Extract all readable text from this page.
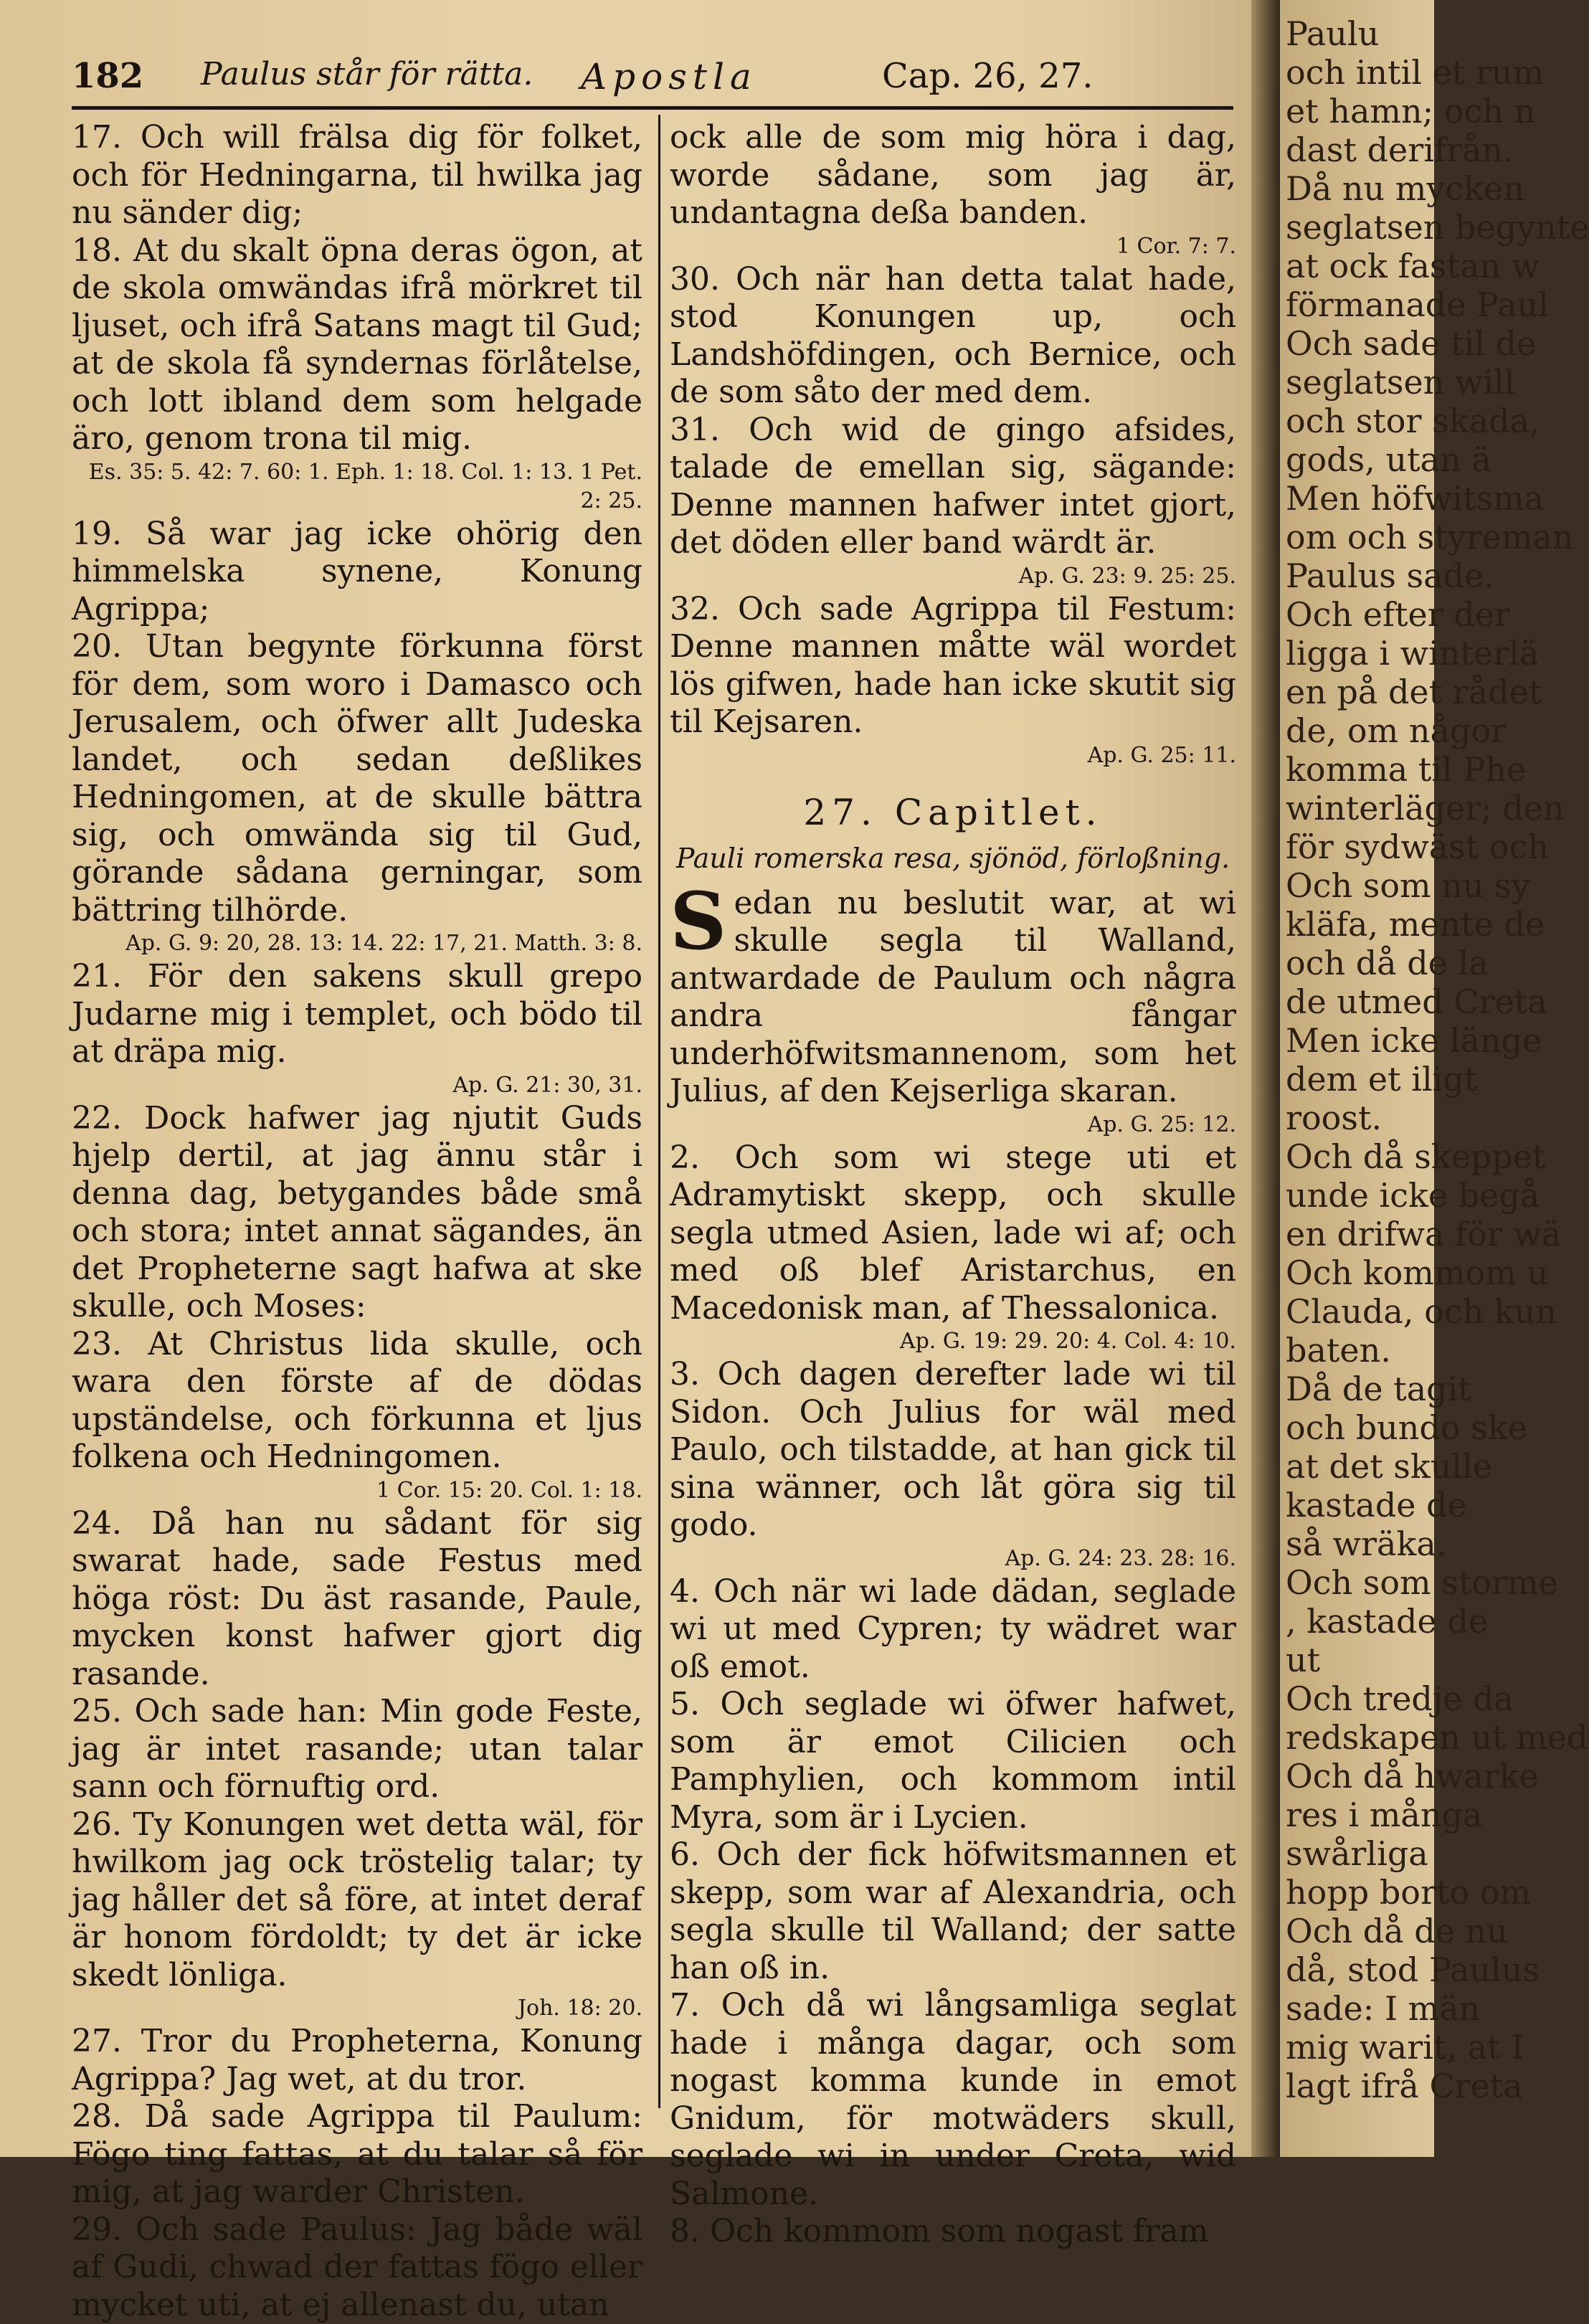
182 Paulus står för rätta. Apostla	Cap. 26, 27.

17. Och will frälsa dig för folket, och för Hedningarna, til hwilka jag nu sänder dig;

18. At du skalt öpna deras ögon, at de skola omwändas ifrå mörkret til ljuset, och ifrå Satans magt til Gud; at de skola få syndernas förlåtelse, och lott ibland dem som helgade äro, genom trona til mig.

Es. 35: 5. 42: 7. 60: 1. Eph. 1: 18. Col. 1: 13. 1 Pet. 2: 25.

19. Så war jag icke ohörig den himmelska synene, Konung Agrippa;

20. Utan begynte förkunna först för dem, som woro i Damasco och Jerusalem, och öfwer allt Judeska landet, och sedan deßlikes Hedningomen, at de skulle bättra sig, och omwända sig til Gud, görande sådana gerningar, som bättring tilhörde.

Ap. G. 9: 20, 28. 13: 14. 22: 17, 21. Matth. 3: 8.

21. För den sakens skull grepo Judarne mig i templet, och bödo til at dräpa mig.

Ap. G. 21: 30, 31.

22. Dock hafwer jag njutit Guds hjelp dertil, at jag ännu står i denna dag, betygandes både små och stora; intet annat sägandes, än det Propheterne sagt hafwa at ske skulle, och Moses:

23. At Christus lida skulle, och wara den förste af de dödas upständelse, och förkunna et ljus folkena och Hedningomen.

1 Cor. 15: 20. Col. 1: 18.

24. Då han nu sådant för sig swarat hade, sade Festus med höga röst: Du äst rasande, Paule, mycken konst hafwer gjort dig rasande.

25. Och sade han: Min gode Feste, jag är intet rasande; utan talar sann och förnuftig ord.

26. Ty Konungen wet detta wäl, för hwilkom jag ock tröstelig talar; ty jag håller det så före, at intet deraf är honom fördoldt; ty det är icke skedt lönliga.

Joh. 18: 20.

27. Tror du Propheterna, Konung Agrippa? Jag wet, at du tror.

28. Då sade Agrippa til Paulum: Fögo ting fattas, at du talar så för mig, at jag warder Christen.

29. Och sade Paulus: Jag både wäl af Gudi, chwad der fattas fögo eller mycket uti, at ej allenast du, utan

ock alle de som mig höra i dag, worde sådane, som jag är, undantagna deßa banden.

1 Cor. 7: 7.

30. Och när han detta talat hade, stod Konungen up, och Landshöfdingen, och Bernice, och de som såto der med dem.

31. Och wid de gingo afsides, talade de emellan sig, sägande: Denne mannen hafwer intet gjort, det döden eller band wärdt är.

Ap. G. 23: 9. 25: 25.

32. Och sade Agrippa til Festum: Denne mannen måtte wäl wordet lös gifwen, hade han icke skutit sig til Kejsaren.

Ap. G. 25: 11.

27. Capitlet.

Pauli romerska resa, sjönöd, förloßning.

Sedan nu beslutit war, at wi skulle segla til Walland, antwardade de Paulum och några andra fångar underhöfwitsmannenom, som het Julius, af den Kejserliga skaran.

Ap. G. 25: 12.

2. Och som wi stege uti et Adramytiskt skepp, och skulle segla utmed Asien, lade wi af; och med oß blef Aristarchus, en Macedonisk man, af Thessalonica.

Ap. G. 19: 29. 20: 4. Col. 4: 10.

3. Och dagen derefter lade wi til Sidon. Och Julius for wäl med Paulo, och tilstadde, at han gick til sina wänner, och låt göra sig til godo.

Ap. G. 24: 23. 28: 16.

4. Och när wi lade dädan, seglade wi ut med Cypren; ty wädret war oß emot.

5. Och seglade wi öfwer hafwet, som är emot Cilicien och Pamphylien, och kommom intil Myra, som är i Lycien.

6. Och der fick höfwitsmannen et skepp, som war af Alexandria, och segla skulle til Walland; der satte han oß in.

7. Och då wi långsamliga seglat hade i många dagar, och som nogast komma kunde in emot Gnidum, för motwäders skull, seglade wi in under Creta, wid Salmone.

8. Och kommom som nogast fram

Paulu
och intil et rum
et hamn; och n
dast derifrån.
Då nu mycken
seglatsen begynte
at ock fastan w
förmanade Paul
Och sade til de
seglatsen will
och stor skada,
gods, utan ä
Men höfwitsma
om och styreman
Paulus sade.
Och efter der
ligga i winterlä
en på det rådet
de, om någor
komma til Phe
winterläger; den
för sydwäst och
Och som nu sy
kläfa, mente de
och då de la
de utmed Creta
Men icke länge
dem et iligt
roost.
Och då skeppet
unde icke begå
en drifwa för wä
Och kommom u
Clauda, och kun
baten.
Då de tagit
och bundo ske
at det skulle
kastade de
så wräka.
Och som storme
, kastade de
ut
Och tredje da
redskapen ut med
Och då hwarke
res i många
swårliga
hopp borto om
Och då de nu
då, stod Paulus
sade: I män
mig warit, at I
lagt ifrå Creta
